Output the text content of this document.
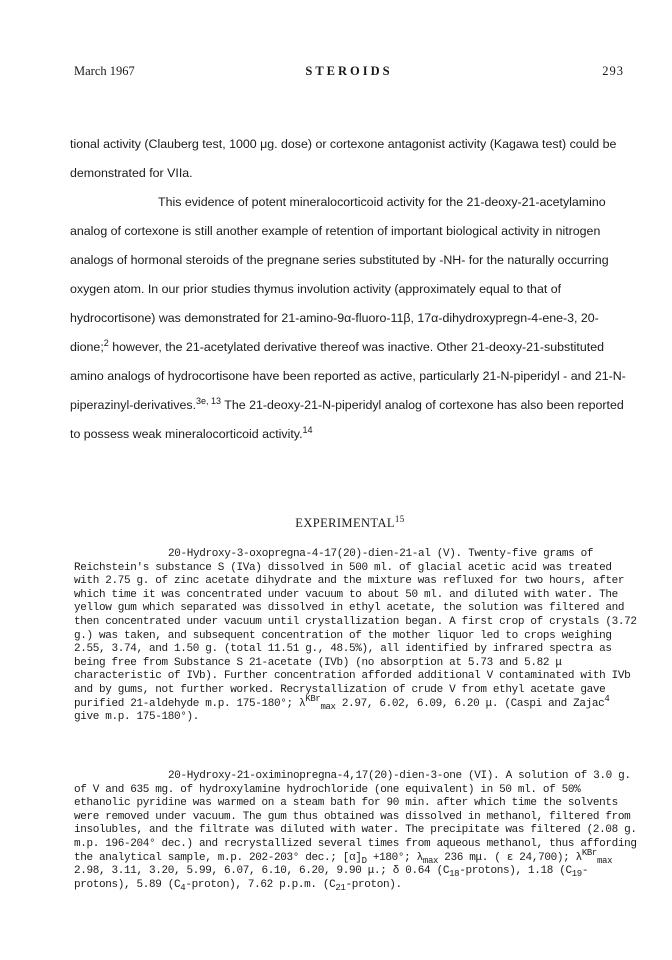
March 1967	STEROIDS	293

tional activity (Clauberg test, 1000 μg. dose) or cortexone antagonist activity (Kagawa test) could be demonstrated for VIIa.

This evidence of potent mineralocorticoid activity for the 21-deoxy-21-acetylamino analog of cortexone is still another example of retention of important biological activity in nitrogen analogs of hormonal steroids of the pregnane series substituted by -NH- for the naturally occurring oxygen atom. In our prior studies thymus involution activity (approximately equal to that of hydrocortisone) was demonstrated for 21-amino-9α-fluoro-11β, 17α-dihydroxypregn-4-ene-3, 20-dione;$^2$ however, the 21-acetylated derivative thereof was inactive. Other 21-deoxy-21-substituted amino analogs of hydrocortisone have been reported as active, particularly 21-N-piperidyl - and 21-N-piperazinyl-derivatives.$^{3e, 13}$ The 21-deoxy-21-N-piperidyl analog of cortexone has also been reported to possess weak mineralocorticoid activity.$^{14}$

EXPERIMENTAL$^{15}$

20-Hydroxy-3-oxopregna-4-17(20)-dien-21-al (V). Twenty-five grams of Reichstein's substance S (IVa) dissolved in 500 ml. of glacial acetic acid was treated with 2.75 g. of zinc acetate dihydrate and the mixture was refluxed for two hours, after which time it was concentrated under vacuum to about 50 ml. and diluted with water. The yellow gum which separated was dissolved in ethyl acetate, the solution was filtered and then concentrated under vacuum until crystallization began. A first crop of crystals (3.72 g.) was taken, and subsequent concentration of the mother liquor led to crops weighing 2.55, 3.74, and 1.50 g. (total 11.51 g., 48.5%), all identified by infrared spectra as being free from Substance S 21-acetate (IVb) (no absorption at 5.73 and 5.82 μ characteristic of IVb). Further concentration afforded additional V contaminated with IVb and by gums, not further worked. Recrystallization of crude V from ethyl acetate gave purified 21-aldehyde m.p. 175-180°; $\lambda^{KBr}_{max}$ 2.97, 6.02, 6.09, 6.20 μ. (Caspi and Zajac$^4$ give m.p. 175-180°).

20-Hydroxy-21-oximinopregna-4,17(20)-dien-3-one (VI). A solution of 3.0 g. of V and 635 mg. of hydroxylamine hydrochloride (one equivalent) in 50 ml. of 50% ethanolic pyridine was warmed on a steam bath for 90 min. after which time the solvents were removed under vacuum. The gum thus obtained was dissolved in methanol, filtered from insolubles, and the filtrate was diluted with water. The precipitate was filtered (2.08 g. m.p. 196-204° dec.) and recrystallized several times from aqueous methanol, thus affording the analytical sample, m.p. 202-203° dec.; $[\alpha]_D +180^\circ$; $\lambda_{max}$ 236 mμ. ( ε 24,700); $\lambda^{KBr}_{max}$ 2.98, 3.11, 3.20, 5.99, 6.07, 6.10, 6.20, 9.90 μ.; δ 0.64 $(C_{18}-protons)$, 1.18 $(C_{19}-protons)$, 5.89 $(C_4-proton)$, 7.62 p.p.m. $(C_{21}-proton)$.
